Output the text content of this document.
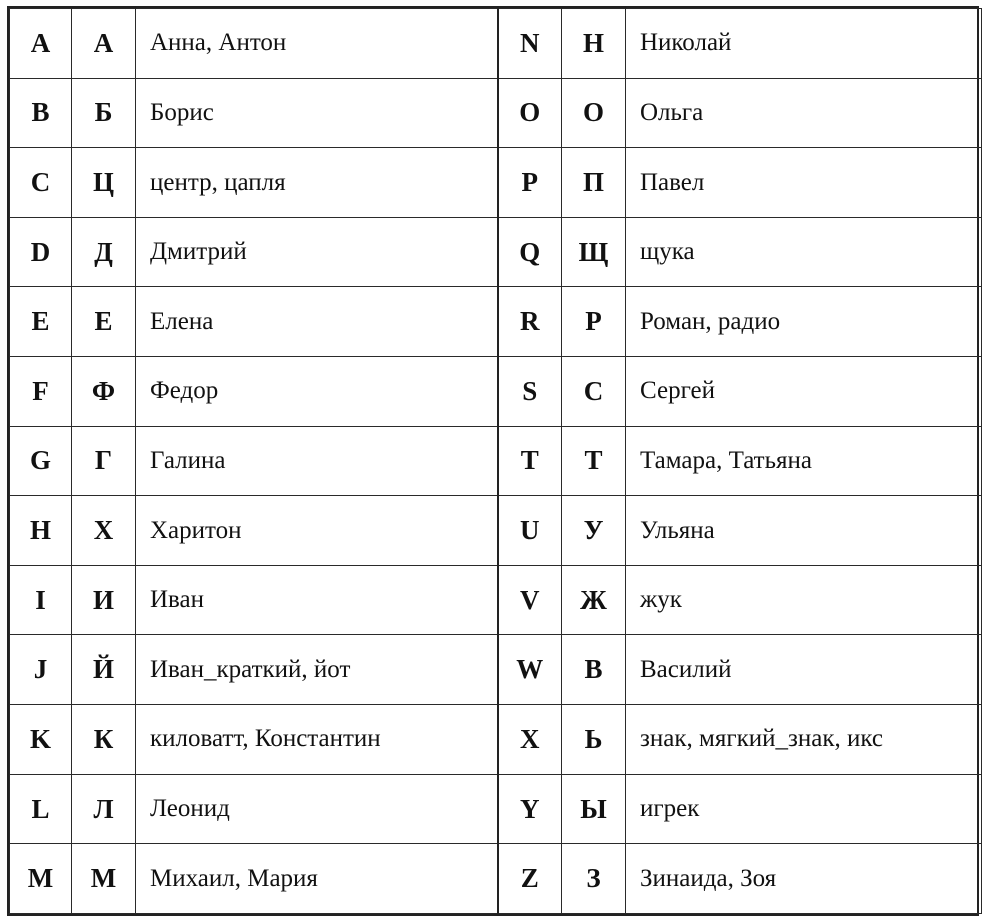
A	А	Анна, Антон	N	Н	Николай
B	Б	Борис	O	О	Ольга
C	Ц	центр, цапля	P	П	Павел
D	Д	Дмитрий	Q	Щ	щука
E	Е	Елена	R	Р	Роман, радио
F	Ф	Федор	S	С	Сергей
G	Г	Галина	T	Т	Тамара, Татьяна
H	Х	Харитон	U	У	Ульяна
I	И	Иван	V	Ж	жук
J	Й	Иван_краткий, йот	W	В	Василий
K	К	киловатт, Константин	X	Ь	знак, мягкий_знак, икс
L	Л	Леонид	Y	Ы	игрек
M	М	Михаил, Мария	Z	З	Зинаида, Зоя
